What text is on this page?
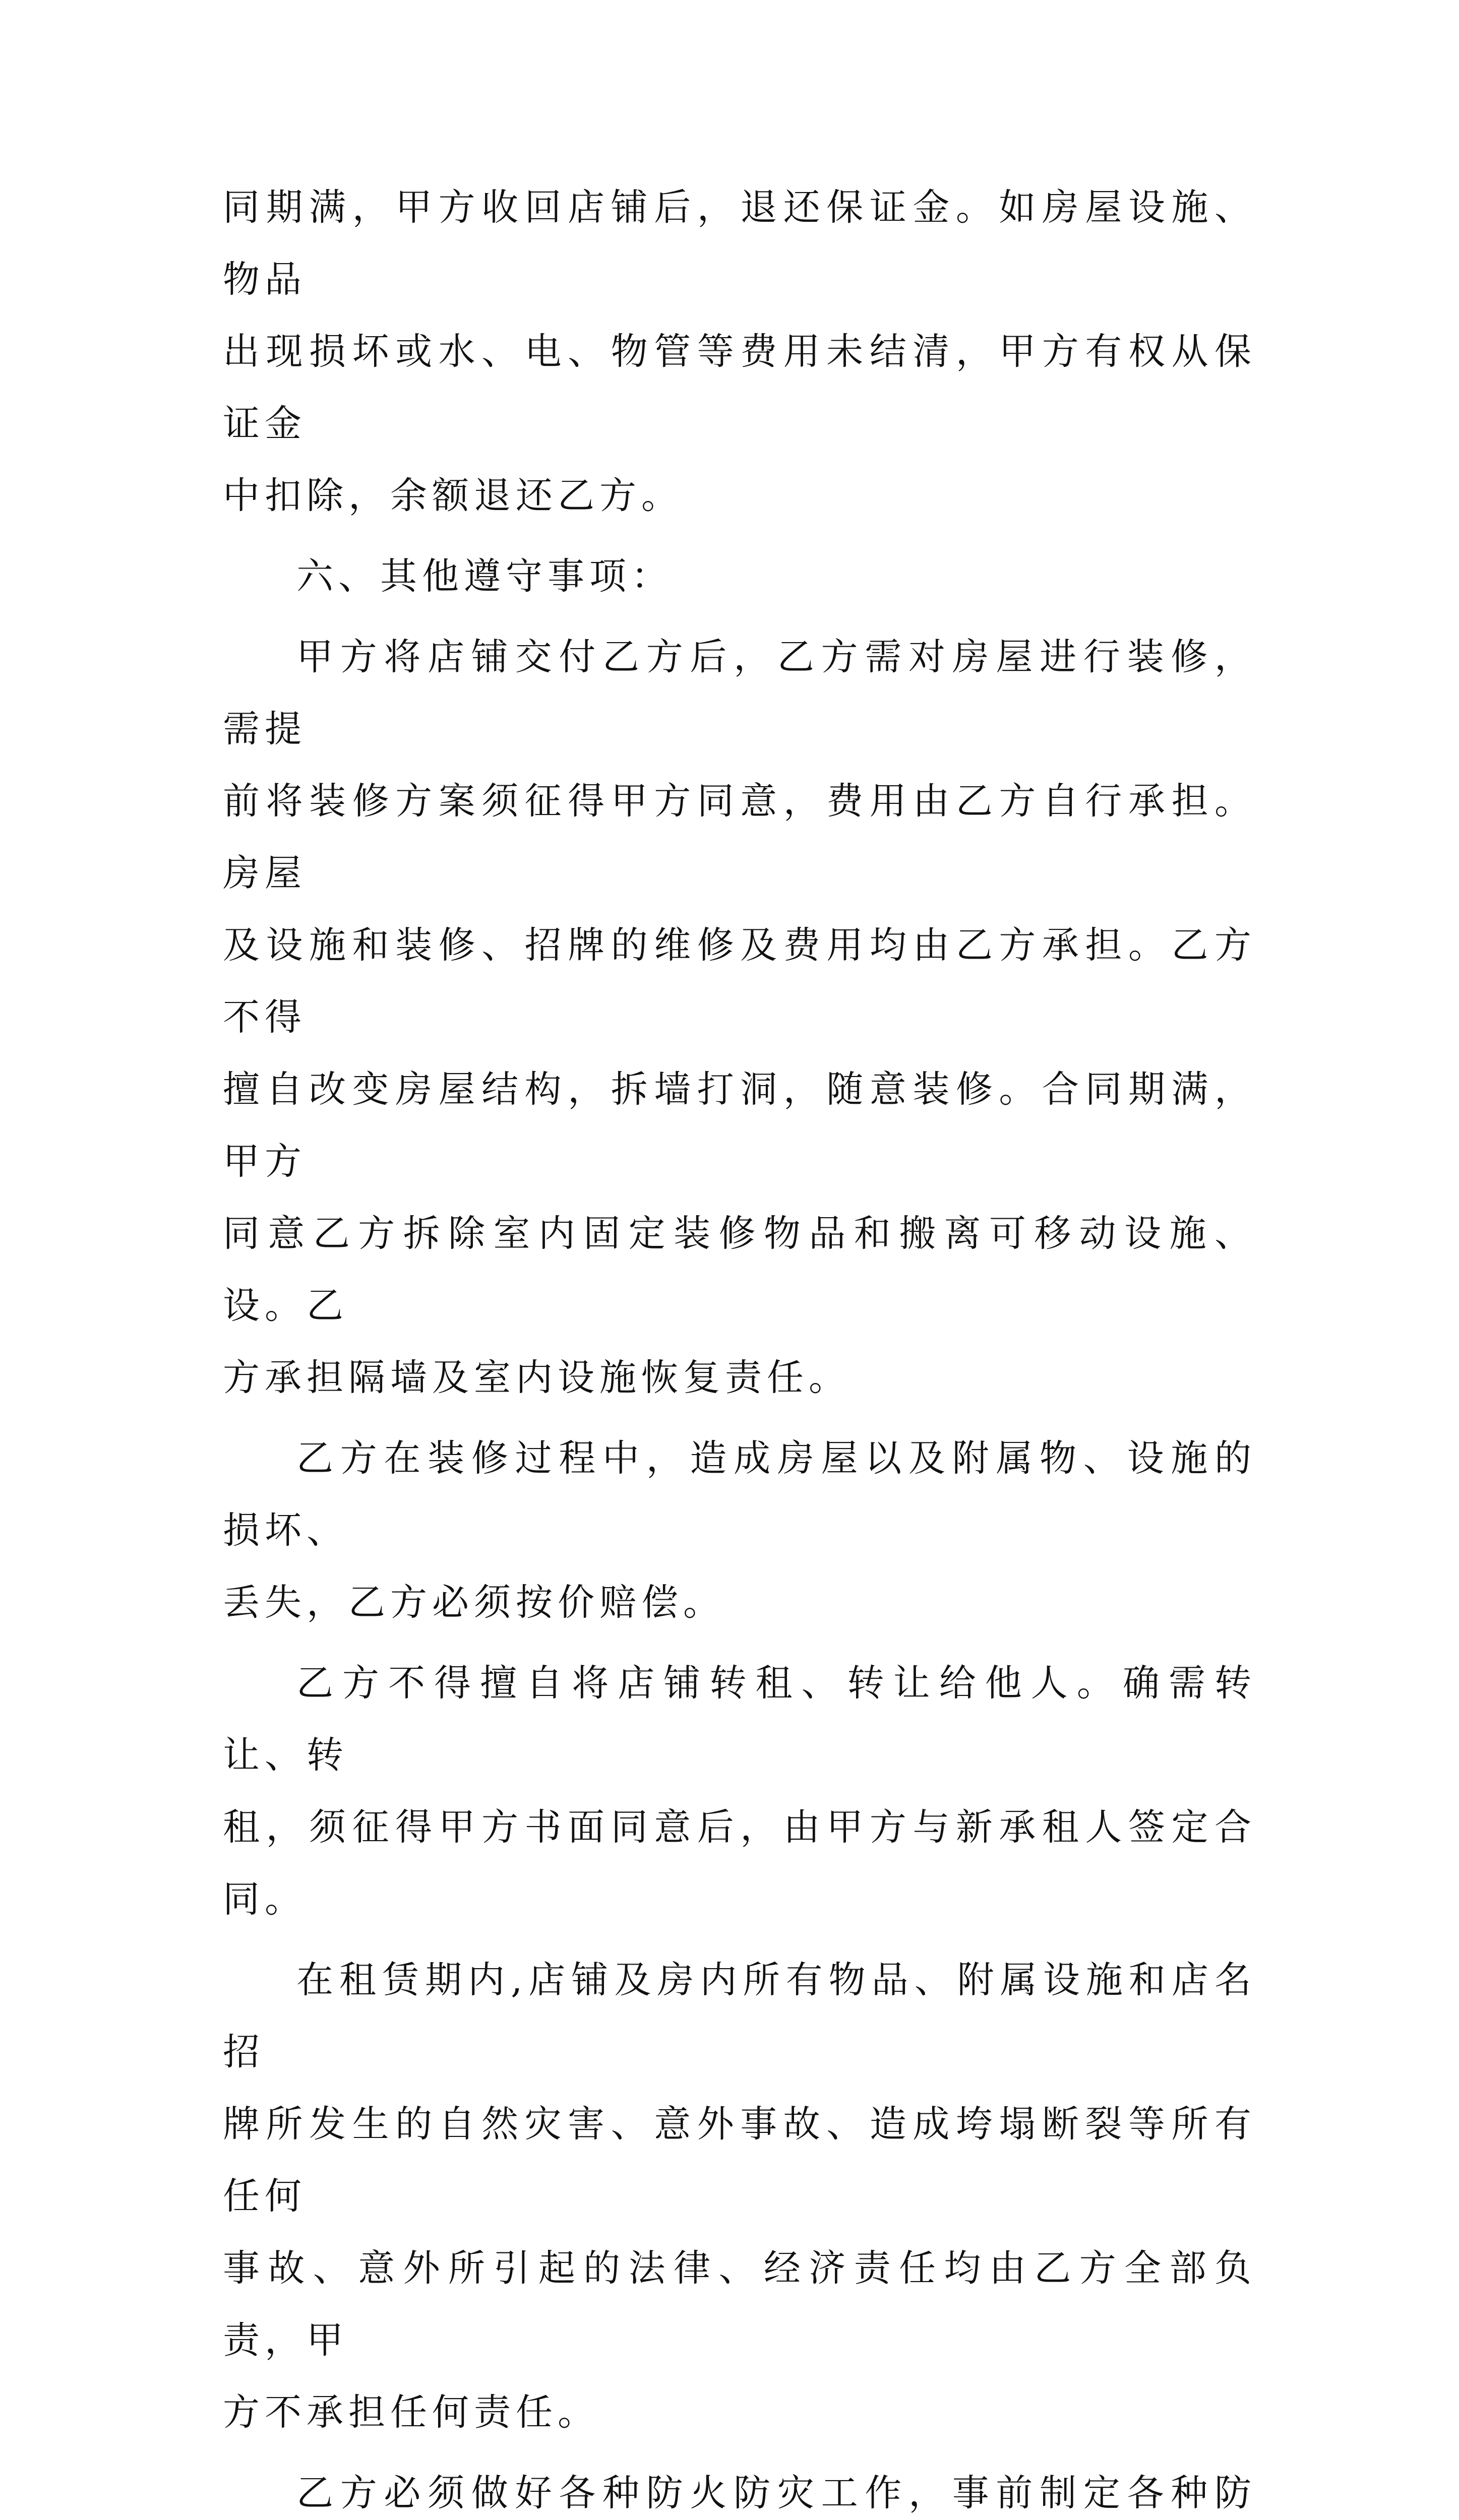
同期满，甲方收回店铺后，退还保证金。如房屋设施、物品
出现损坏或水、电、物管等费用未结清，甲方有权从保证金
中扣除，余额退还乙方。

六、其他遵守事项：

甲方将店铺交付乙方后，乙方需对房屋进行装修，需提
前将装修方案须征得甲方同意，费用由乙方自行承担。房屋
及设施和装修、招牌的维修及费用均由乙方承担。乙方不得
擅自改变房屋结构，拆墙打洞，随意装修。合同期满，甲方
同意乙方拆除室内固定装修物品和搬离可移动设施、设。乙
方承担隔墙及室内设施恢复责任。

乙方在装修过程中，造成房屋以及附属物、设施的损坏、
丢失，乙方必须按价赔偿。

乙方不得擅自将店铺转租、转让给他人。确需转让、转
租，须征得甲方书面同意后，由甲方与新承租人签定合同。

在租赁期内,店铺及房内所有物品、附属设施和店名招
牌所发生的自然灾害、意外事故、造成垮塌断裂等所有任何
事故、意外所引起的法律、经济责任均由乙方全部负责，甲
方不承担任何责任。

乙方必须做好各种防火防灾工作，事前制定各种防
